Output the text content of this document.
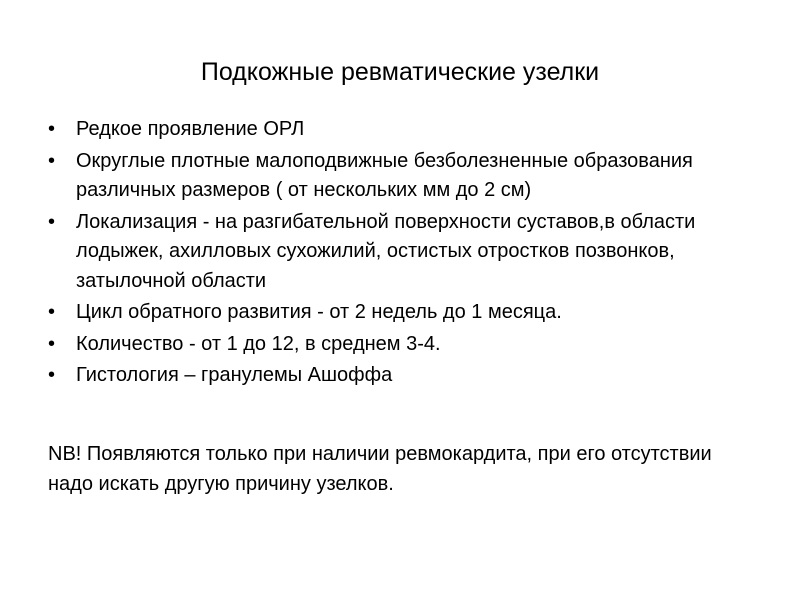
Подкожные ревматические узелки
•	Редкое проявление ОРЛ
•	Округлые плотные малоподвижные безболезненные образования различных размеров ( от нескольких мм до 2 см)
•	Локализация - на разгибательной поверхности суставов,в области лодыжек, ахилловых сухожилий, остистых отростков позвонков, затылочной области
•	Цикл обратного развития - от 2 недель до 1 месяца.
•	Количество - от 1 до 12, в среднем 3-4.
•	Гистология – гранулемы Ашоффа

NB! Появляются только при наличии ревмокардита, при его отсутствии надо искать другую причину узелков.
